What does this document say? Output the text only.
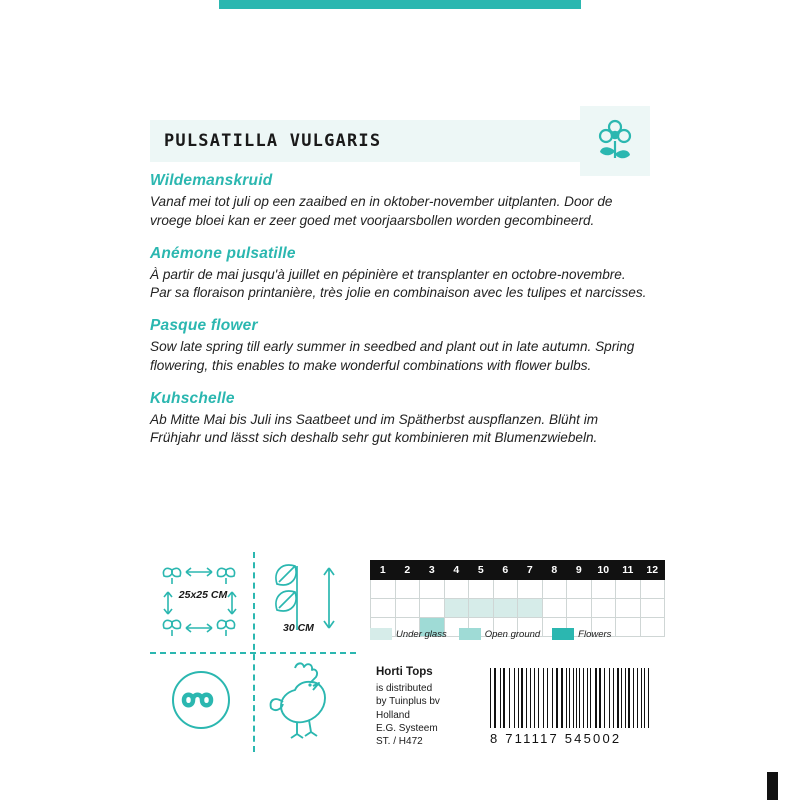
PULSATILLA VULGARIS

Wildemanskruid

Vanaf mei tot juli op een zaaibed en in oktober-november uitplanten. Door de vroege bloei kan er zeer goed met voorjaarsbollen worden gecombineerd.

Anémone pulsatille

À partir de mai jusqu'à juillet en pépinière et transplanter en octobre-novembre. Par sa floraison printanière, très jolie en combinaison avec les tulipes et narcisses.

Pasque flower

Sow late spring till early summer in seedbed and plant out in late autumn. Spring flowering, this enables to make wonderful combinations with flower bulbs.

Kuhschelle

Ab Mitte Mai bis Juli ins Saatbeet und im Spätherbst auspflanzen. Blüht im Frühjahr und lässt sich deshalb sehr gut kombinieren mit Blumenzwiebeln.

25x25 CM
30 CM
1	2	3	4	5	6	7	8	9	10	11	12

Under glass	Open ground	Flowers
Horti Tops
is distributed
by Tuinplus bv
Holland
E.G. Systeem
ST. / H472	8 711117 545002
